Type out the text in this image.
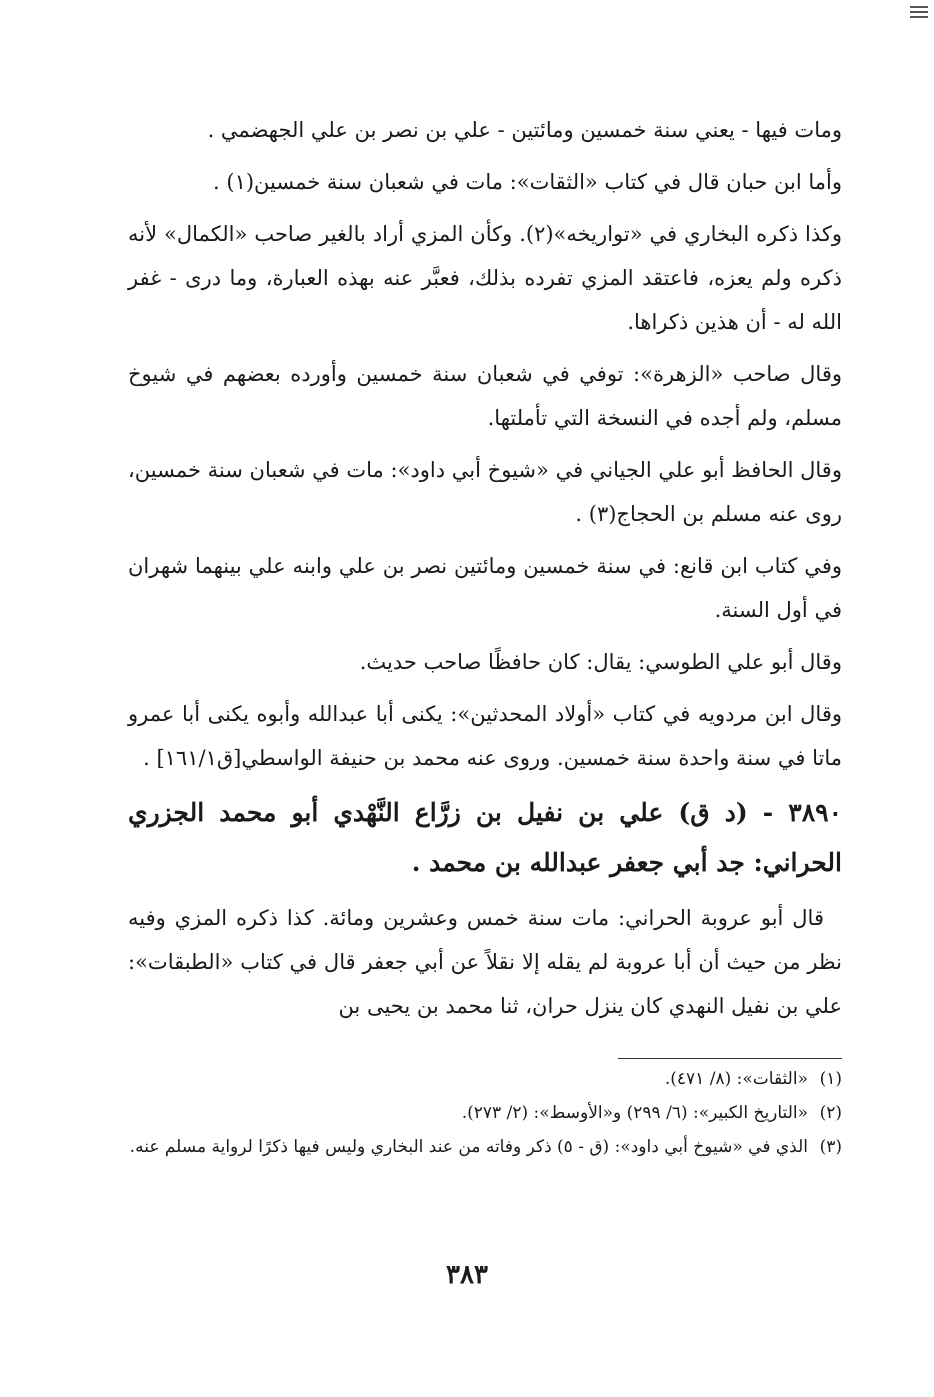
ومات فيها - يعني سنة خمسين ومائتين - علي بن نصر بن علي الجهضمي .

وأما ابن حبان قال في كتاب «الثقات»: مات في شعبان سنة خمسين(١) .

وكذا ذكره البخاري في «تواريخه»(٢). وكأن المزي أراد بالغير صاحب «الكمال» لأنه ذكره ولم يعزه، فاعتقد المزي تفرده بذلك، فعبَّر عنه بهذه العبارة، وما درى - غفر الله له - أن هذين ذكراها.

وقال صاحب «الزهرة»: توفي في شعبان سنة خمسين وأورده بعضهم في شيوخ مسلم، ولم أجده في النسخة التي تأملتها.

وقال الحافظ أبو علي الجياني في «شيوخ أبي داود»: مات في شعبان سنة خمسين، روى عنه مسلم بن الحجاج(٣) .

وفي كتاب ابن قانع: في سنة خمسين ومائتين نصر بن علي وابنه علي بينهما شهران في أول السنة.

وقال أبو علي الطوسي: يقال: كان حافظًا صاحب حديث.

وقال ابن مردويه في كتاب «أولاد المحدثين»: يكنى أبا عبدالله وأبوه يكنى أبا عمرو ماتا في سنة واحدة سنة خمسين. وروى عنه محمد بن حنيفة الواسطي[ق١٦١/١] .

٣٨٩٠ - (د ق) علي بن نفيل بن زرَّاع النَّهْدي أبو محمد الجزري الحراني: جد أبي جعفر عبدالله بن محمد .

قال أبو عروبة الحراني: مات سنة خمس وعشرين ومائة. كذا ذكره المزي وفيه نظر من حيث أن أبا عروبة لم يقله إلا نقلاً عن أبي جعفر قال في كتاب «الطبقات»: علي بن نفيل النهدي كان ينزل حران، ثنا محمد بن يحيى بن

(١)
«الثقات»: (٨/ ٤٧١).

(٢)
«التاريخ الكبير»: (٦/ ٢٩٩) و«الأوسط»: (٢/ ٢٧٣).

(٣)
الذي في «شيوخ أبي داود»: (ق - ٥) ذكر وفاته من عند البخاري وليس فيها ذكرًا لرواية مسلم عنه.

٣٨٣
